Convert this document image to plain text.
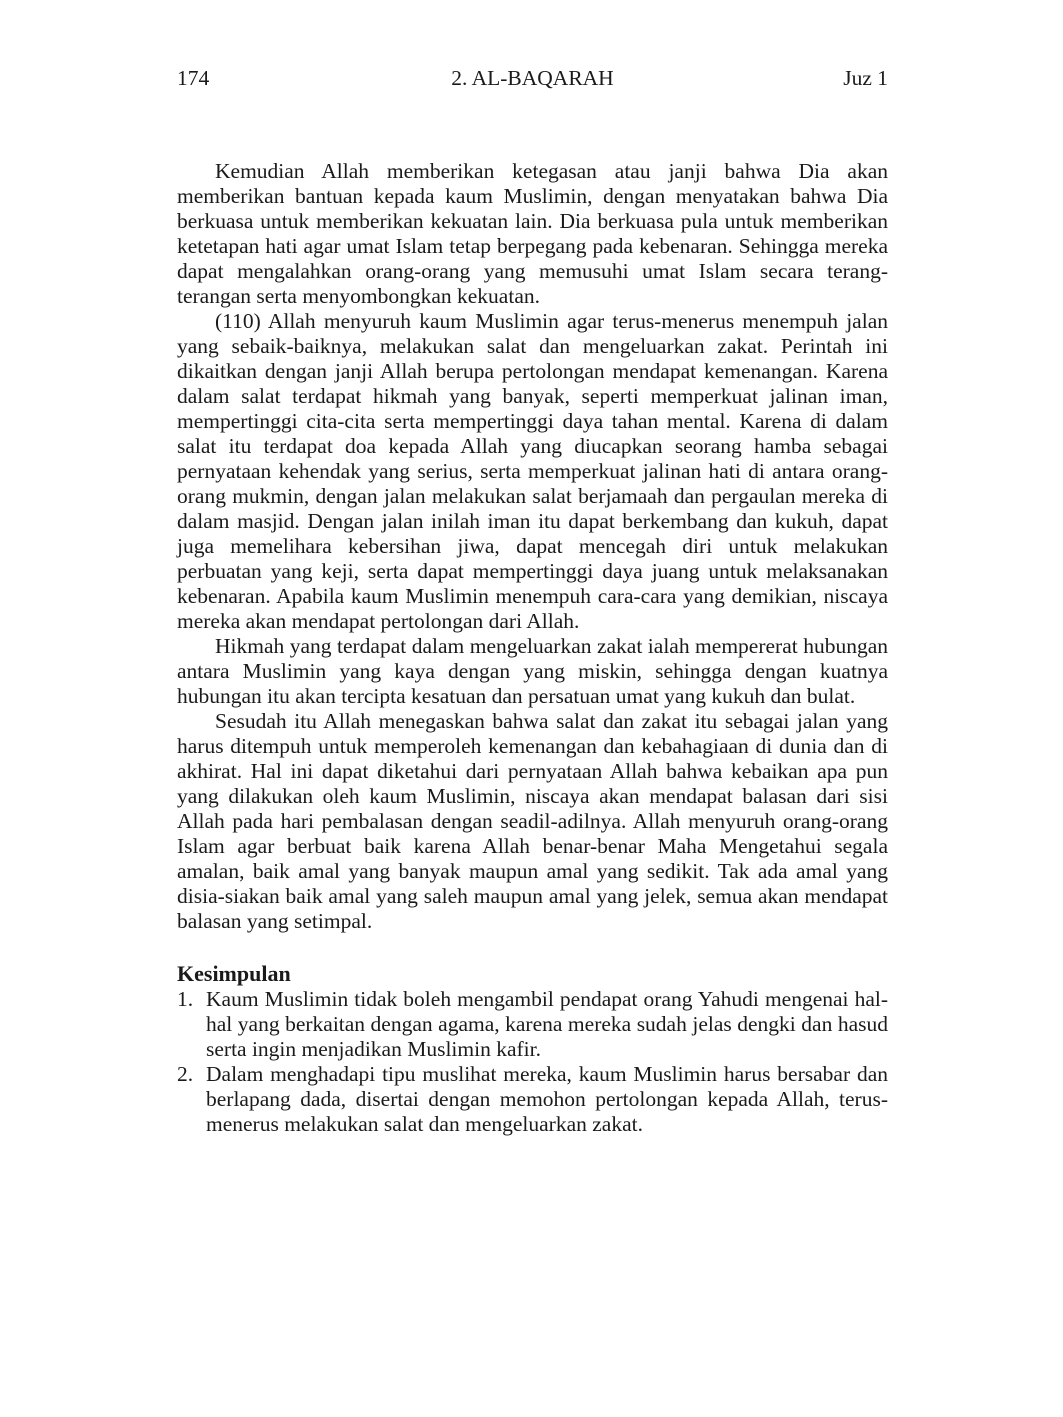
174	2. AL-BAQARAH	Juz 1

Kemudian Allah memberikan ketegasan atau janji bahwa Dia akan memberikan bantuan kepada kaum Muslimin, dengan menyatakan bahwa Dia berkuasa untuk memberikan kekuatan lain. Dia berkuasa pula untuk memberikan ketetapan hati agar umat Islam tetap berpegang pada kebenaran. Sehingga mereka dapat mengalahkan orang-orang yang memusuhi umat Islam secara terang-terangan serta menyombongkan kekuatan.

(110) Allah menyuruh kaum Muslimin agar terus-menerus menempuh jalan yang sebaik-baiknya, melakukan salat dan mengeluarkan zakat. Perintah ini dikaitkan dengan janji Allah berupa pertolongan mendapat kemenangan. Karena dalam salat terdapat hikmah yang banyak, seperti memperkuat jalinan iman, mempertinggi cita-cita serta mempertinggi daya tahan mental. Karena di dalam salat itu terdapat doa kepada Allah yang diucapkan seorang hamba sebagai pernyataan kehendak yang serius, serta memperkuat jalinan hati di antara orang-orang mukmin, dengan jalan melakukan salat berjamaah dan pergaulan mereka di dalam masjid. Dengan jalan inilah iman itu dapat berkembang dan kukuh, dapat juga memelihara kebersihan jiwa, dapat mencegah diri untuk melakukan perbuatan yang keji, serta dapat mempertinggi daya juang untuk melaksanakan kebenaran. Apabila kaum Muslimin menempuh cara-cara yang demikian, niscaya mereka akan mendapat pertolongan dari Allah.

Hikmah yang terdapat dalam mengeluarkan zakat ialah mempererat hubungan antara Muslimin yang kaya dengan yang miskin, sehingga dengan kuatnya hubungan itu akan tercipta kesatuan dan persatuan umat yang kukuh dan bulat.

Sesudah itu Allah menegaskan bahwa salat dan zakat itu sebagai jalan yang harus ditempuh untuk memperoleh kemenangan dan kebahagiaan di dunia dan di akhirat. Hal ini dapat diketahui dari pernyataan Allah bahwa kebaikan apa pun yang dilakukan oleh kaum Muslimin, niscaya akan mendapat balasan dari sisi Allah pada hari pembalasan dengan seadil-adilnya. Allah menyuruh orang-orang Islam agar berbuat baik karena Allah benar-benar Maha Mengetahui segala amalan, baik amal yang banyak maupun amal yang sedikit. Tak ada amal yang disia-siakan baik amal yang saleh maupun amal yang jelek, semua akan mendapat balasan yang setimpal.

Kesimpulan
1. Kaum Muslimin tidak boleh mengambil pendapat orang Yahudi mengenai hal-hal yang berkaitan dengan agama, karena mereka sudah jelas dengki dan hasud serta ingin menjadikan Muslimin kafir.
2. Dalam menghadapi tipu muslihat mereka, kaum Muslimin harus bersabar dan berlapang dada, disertai dengan memohon pertolongan kepada Allah, terus-menerus melakukan salat dan mengeluarkan zakat.
